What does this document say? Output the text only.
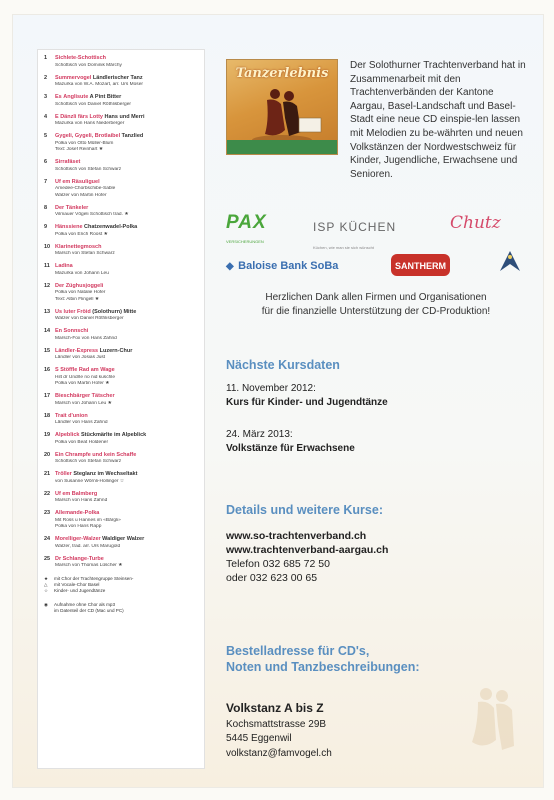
1	Sichlete-Schottisch
Schottisch von Dominik Märchy
2	Summervogel Ländlerischer Tanz
Mazurka von W.A. Mozart, arr. Urs Moser
3	Es Änglisute A Pint Bitter
Schottisch von Daniel Röthlisberger
4	E Dänzli färs Lotty Hans und Merri
Mazurka von Hans Niederberger
5	Gygeli, Gygeli, Brotlaibel Tanzlied
Polka von Otto Müller-Blum
Text: Josef Reinhart ★
6	Sirrafäset
Schottisch von Stefan Schwarz
7	Uf em Räsuliguel
Amedee-Chorbschibe-Sable
Walzer von Martin Hofer
8	Der Tänkeler
Vilmauer Vögeli Schottisch trad. ★
9	Hänssiene Chatzenwadel-Polka
Polka von Erich Roost ★
10 Klarinettegmosch
Marsch von Stefan Schwarz
11 Ladina
Mazurka von Johann Leu
12 Der Züghusjoggeli
Polka von Natalie Hofer
Text: Albin Flingell ★
13 Us luter Fröid (Solothurn) Mitte
Walzer von Daniel Röthlisberger
14 En Sonnschi
Marsch-Fox von Hans Zahnd
15 Ländler-Express Luzern-Chur
Ländler von Josias Just
16 S Stöffle Rad am Wage
Hilt dr Undrle no nid kuschle
Polka von Martin Hofer ★
17 Bieschbärger Tätscher
Marsch von Johann Leu ★
18 Trait d'union
Ländler von Hans Zahnd
19 Alpeblick Stückmärlte im Alpeblick
Polka von Beat Holdener
20 Ein Chrampfe und kein Schaffe
Schottisch von Stefan Schwarz
21 Tröller Steglanz im Wechseltakt
von Susanne Wörnli-Hollinger ☆
22 Uf em Balmberg
Marsch von Hans Zahnd
23 Allemande-Polka
Mit Ross u Hannes im «Bärgli»
Polka von Hans Rapp
24 Morelliger-Walzer Waldiger Walzer
Walzer, trad. arr. Urs Marugold
25 Dr Schlange-Turbe
Marsch von Thomas Lüscher ★
★	mit Chor der Trachtengruppe Steinsen-
△	mit Vocale-Chor Basel
☆	Kinder- und Jugendtänze
◉	Aufnahme ohne Chor als mp3
im Datenteil der CD (Mac und PC)
Tanzerlebnis
Der Solothurner Trachtenverband hat in Zusammenarbeit mit den Trachtenverbänden der Kantone Aargau, Basel-Landschaft und Basel-Stadt eine neue CD einspie-len lassen mit Melodien zu be-währten und neuen Volkstänzen der Nordwestschweiz für Kinder, Jugendliche, Erwachsene und Senioren.
PAX
$^{VERSICHERUNGEN}$
ISP KÜCHEN
Küchen, wie man sie sich wünscht
Chutz
◆ Baloise Bank SoBa	SANTHERM
Herzlichen Dank allen Firmen und Organisationen
für die finanzielle Unterstützung der CD-Produktion!
Nächste Kursdaten
11. November 2012:
Kurs für Kinder- und Jugendtänze
24. März 2013:
Volkstänze für Erwachsene
Details und weitere Kurse:
www.so-trachtenverband.ch
www.trachtenverband-aargau.ch
Telefon 032 685 72 50
oder 032 623 00 65
Bestelladresse für CD's,
Noten und Tanzbeschreibungen:
Volkstanz A bis Z
Kochsmattstrasse 29B
5445 Eggenwil
volkstanz@famvogel.ch
